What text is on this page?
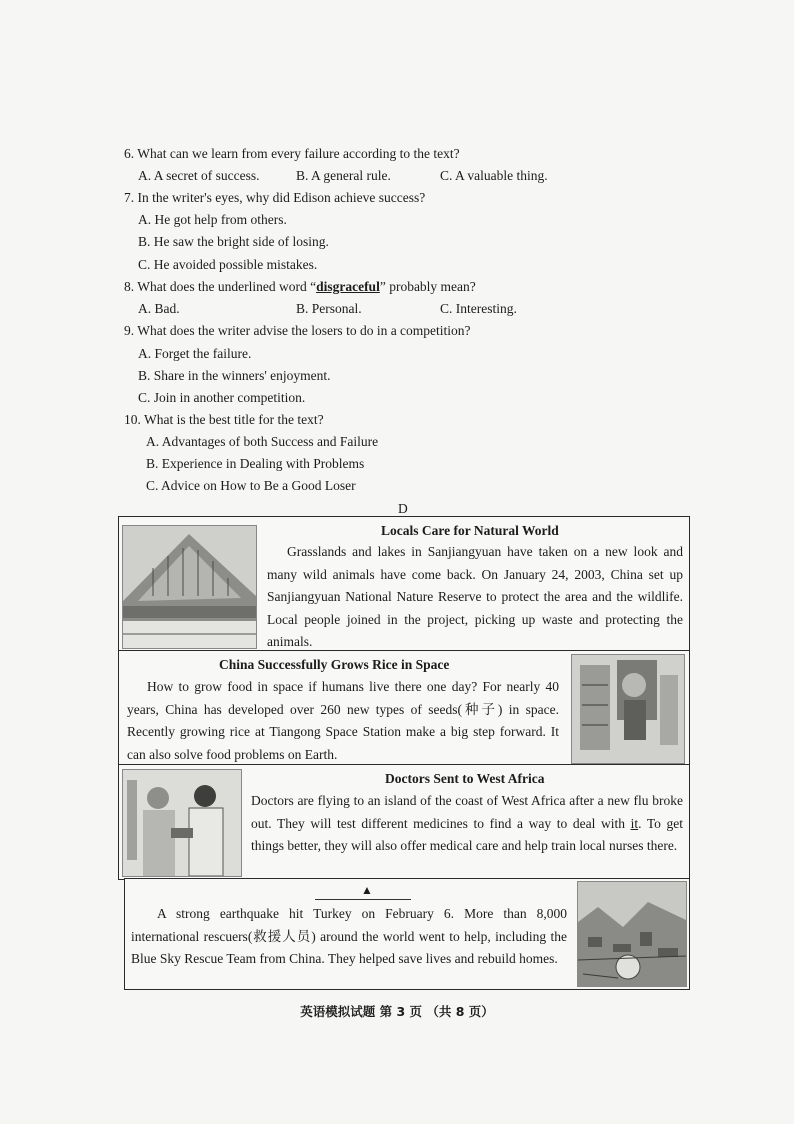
6. What can we learn from every failure according to the text?
A. A secret of success.	B. A general rule.	C. A valuable thing.
7. In the writer's eyes, why did Edison achieve success?
A. He got help from others.
B. He saw the bright side of losing.
C. He avoided possible mistakes.
8. What does the underlined word “disgraceful” probably mean?
A. Bad.	B. Personal.	C. Interesting.
9. What does the writer advise the losers to do in a competition?
A. Forget the failure.
B. Share in the winners' enjoyment.
C. Join in another competition.
10. What is the best title for the text?
A. Advantages of both Success and Failure
B. Experience in Dealing with Problems
C. Advice on How to Be a Good Loser
D
Locals Care for Natural World
Grasslands and lakes in Sanjiangyuan have taken on a new look and many wild animals have come back. On January 24, 2003, China set up Sanjiangyuan National Nature Reserve to protect the area and the wildlife. Local people joined in the project, picking up waste and protecting the animals.
China Successfully Grows Rice in Space
How to grow food in space if humans live there one day? For nearly 40 years, China has developed over 260 new types of seeds(种子) in space. Recently growing rice at Tiangong Space Station make a big step forward. It can also solve food problems on Earth.
Doctors Sent to West Africa
Doctors are flying to an island of the coast of West Africa after a new flu broke out. They will test different medicines to find a way to deal with it. To get things better, they will also offer medical care and help train local nurses there.
▲
A strong earthquake hit Turkey on February 6. More than 8,000 international rescuers(救援人员) around the world went to help, including the Blue Sky Rescue Team from China. They helped save lives and rebuild homes.
英语模拟试题 第 3 页 （共 8 页）
